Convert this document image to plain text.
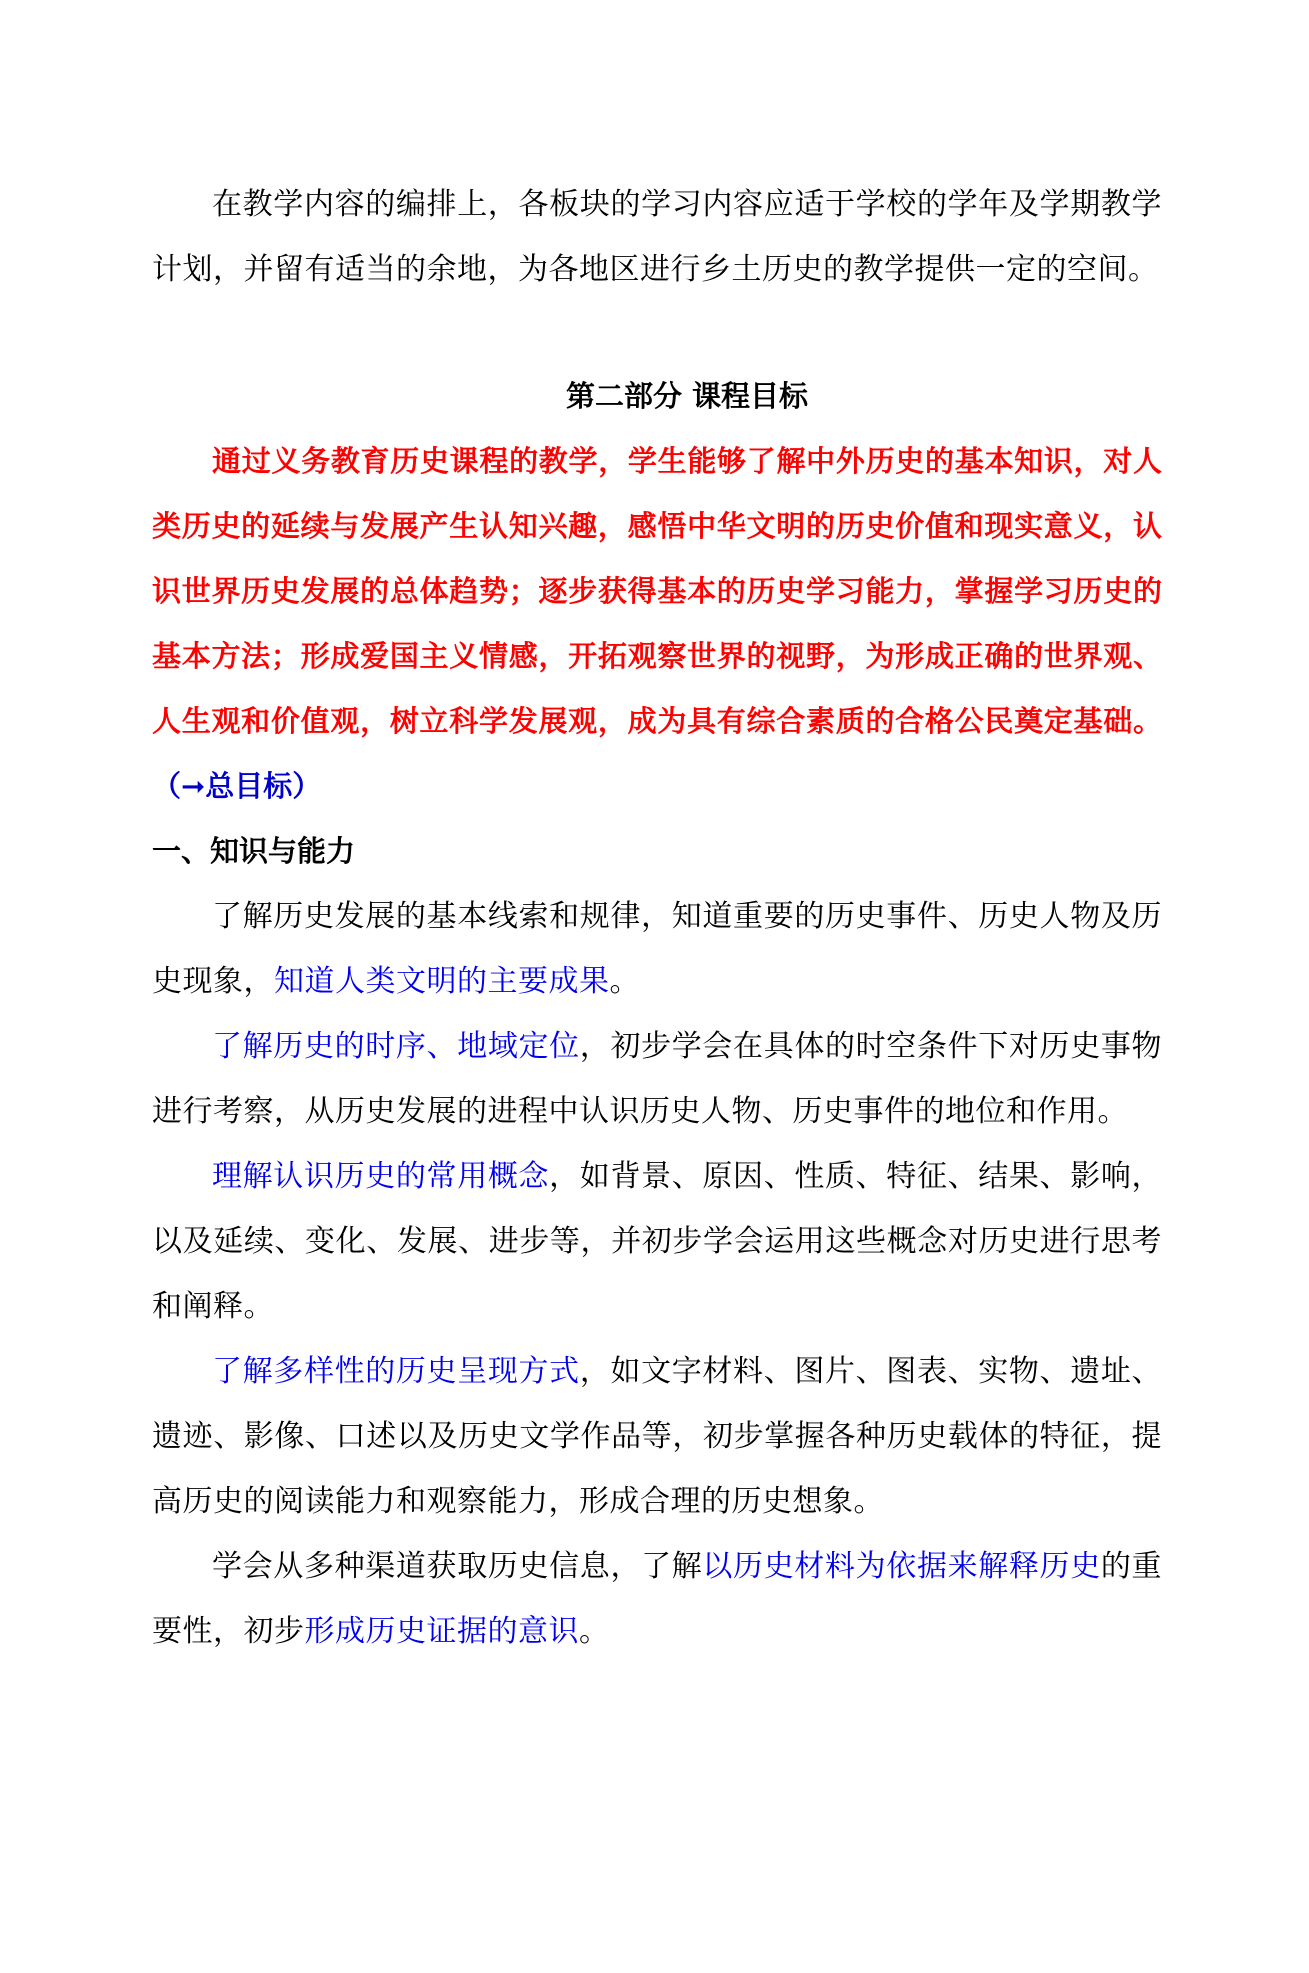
在教学内容的编排上，各板块的学习内容应适于学校的学年及学期教学计划，并留有适当的余地，为各地区进行乡土历史的教学提供一定的空间。

第二部分 课程目标

通过义务教育历史课程的教学，学生能够了解中外历史的基本知识，对人类历史的延续与发展产生认知兴趣，感悟中华文明的历史价值和现实意义，认识世界历史发展的总体趋势；逐步获得基本的历史学习能力，掌握学习历史的基本方法；形成爱国主义情感，开拓观察世界的视野，为形成正确的世界观、人生观和价值观，树立科学发展观，成为具有综合素质的合格公民奠定基础。（➞总目标）

一、知识与能力

了解历史发展的基本线索和规律，知道重要的历史事件、历史人物及历史现象，知道人类文明的主要成果。

了解历史的时序、地域定位，初步学会在具体的时空条件下对历史事物进行考察，从历史发展的进程中认识历史人物、历史事件的地位和作用。

理解认识历史的常用概念，如背景、原因、性质、特征、结果、影响，以及延续、变化、发展、进步等，并初步学会运用这些概念对历史进行思考和阐释。

了解多样性的历史呈现方式，如文字材料、图片、图表、实物、遗址、遗迹、影像、口述以及历史文学作品等，初步掌握各种历史载体的特征，提高历史的阅读能力和观察能力，形成合理的历史想象。

学会从多种渠道获取历史信息，了解以历史材料为依据来解释历史的重要性，初步形成历史证据的意识。
